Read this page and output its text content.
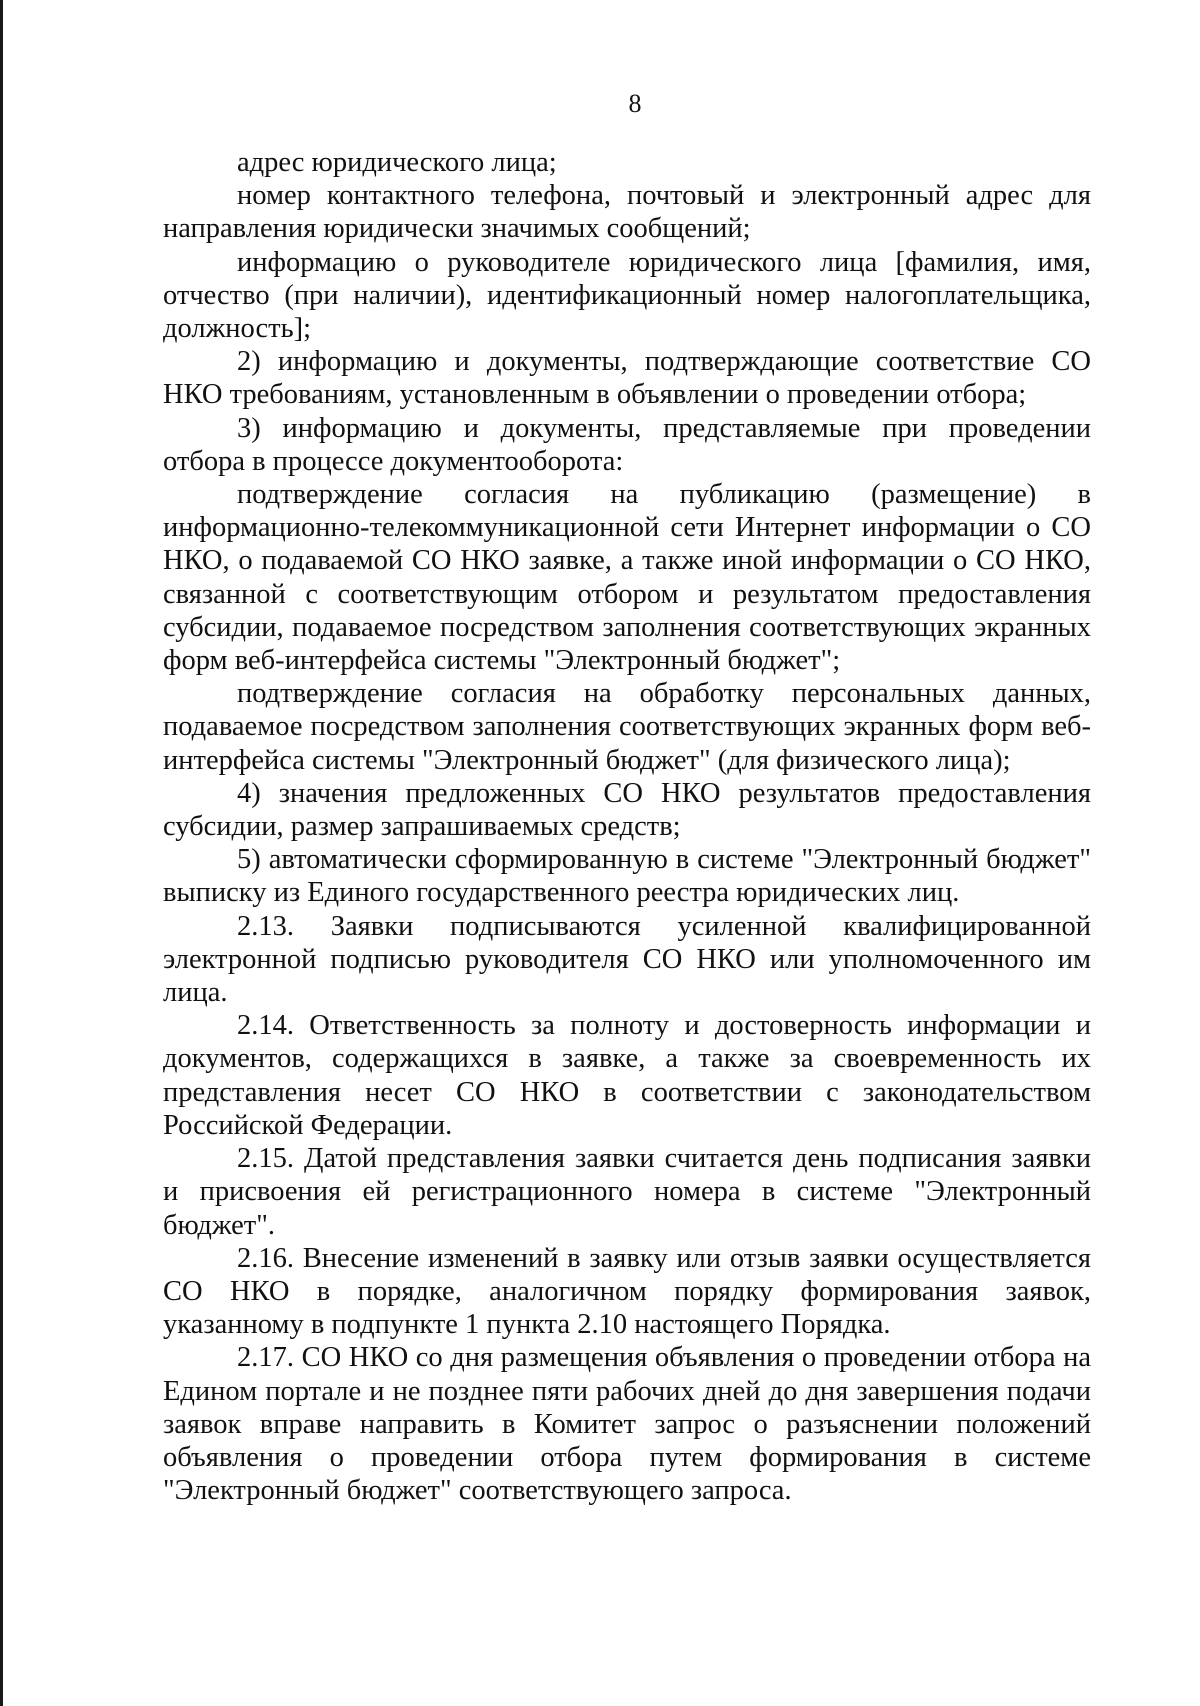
8

адрес юридического лица;

номер контактного телефона, почтовый и электронный адрес для направления юридически значимых сообщений;

информацию о руководителе юридического лица [фамилия, имя, отчество (при наличии), идентификационный номер налогоплательщика, должность];

2) информацию и документы, подтверждающие соответствие СО НКО требованиям, установленным в объявлении о проведении отбора;

3) информацию и документы, представляемые при проведении отбора в процессе документооборота:

подтверждение согласия на публикацию (размещение) в информационно-телекоммуникационной сети Интернет информации о СО НКО, о подаваемой СО НКО заявке, а также иной информации о СО НКО, связанной с соответствующим отбором и результатом предоставления субсидии, подаваемое посредством заполнения соответствующих экранных форм веб-интерфейса системы "Электронный бюджет";

подтверждение согласия на обработку персональных данных, подаваемое посредством заполнения соответствующих экранных форм веб-интерфейса системы "Электронный бюджет" (для физического лица);

4) значения предложенных СО НКО результатов предоставления субсидии, размер запрашиваемых средств;

5) автоматически сформированную в системе "Электронный бюджет" выписку из Единого государственного реестра юридических лиц.

2.13. Заявки подписываются усиленной квалифицированной электронной подписью руководителя СО НКО или уполномоченного им лица.

2.14. Ответственность за полноту и достоверность информации и документов, содержащихся в заявке, а также за своевременность их представления несет СО НКО в соответствии с законодательством Российской Федерации.

2.15. Датой представления заявки считается день подписания заявки и присвоения ей регистрационного номера в системе "Электронный бюджет".

2.16. Внесение изменений в заявку или отзыв заявки осуществляется СО НКО в порядке, аналогичном порядку формирования заявок, указанному в подпункте 1 пункта 2.10 настоящего Порядка.

2.17. СО НКО со дня размещения объявления о проведении отбора на Едином портале и не позднее пяти рабочих дней до дня завершения подачи заявок вправе направить в Комитет запрос о разъяснении положений объявления о проведении отбора путем формирования в системе "Электронный бюджет" соответствующего запроса.
